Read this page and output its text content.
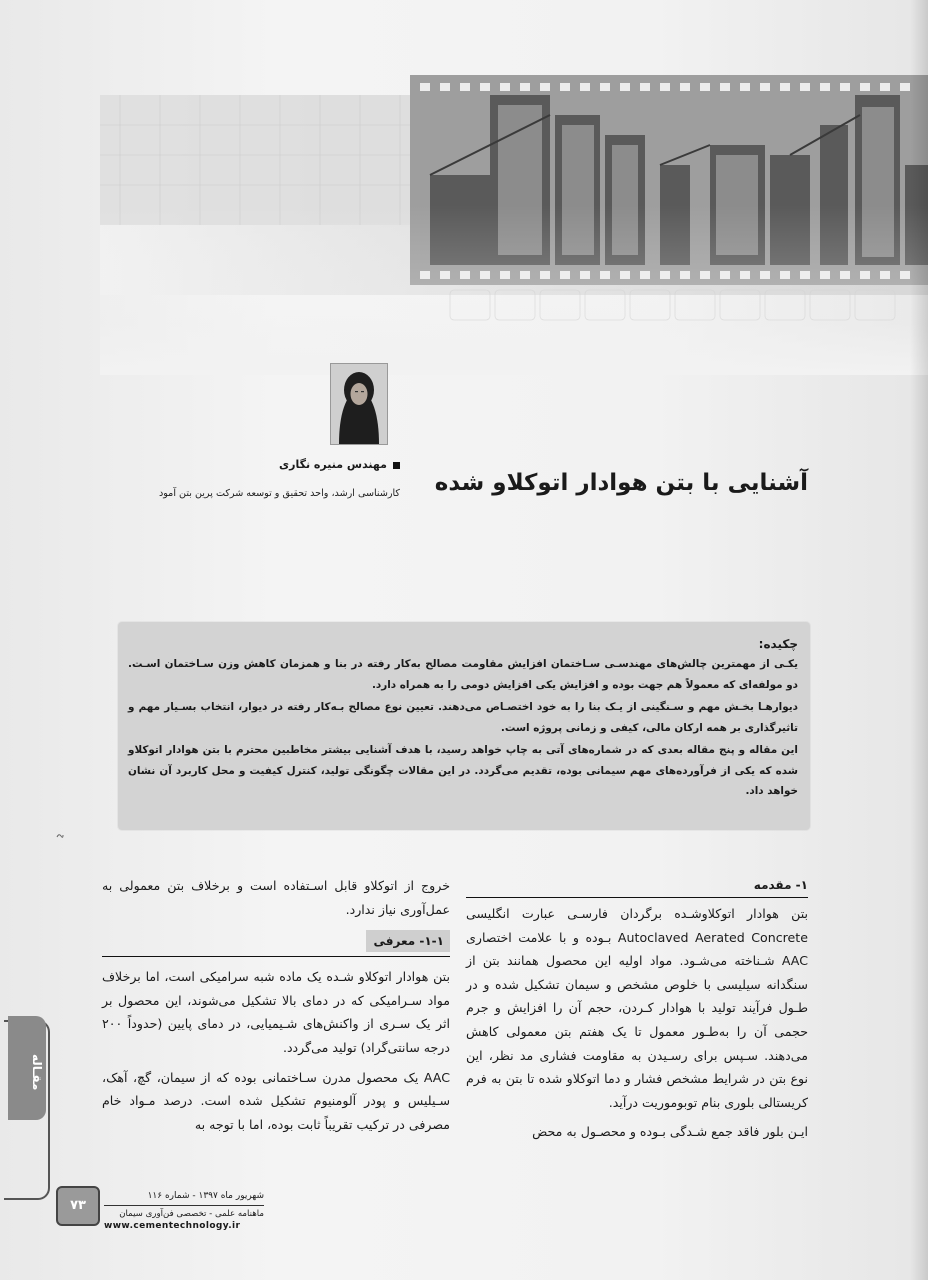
مهندس منیره نگاری
کارشناسی ارشد، واحد تحقیق و توسعه شرکت پرین بتن آمود آشنایی با بتن هوادار اتوکلاو شده
چکیده:

یکـی از مهمترین چالش‌های مهندسـی سـاختمان افزایش مقاومت مصالح به‌کار رفته در بنا و همزمان کاهش وزن سـاختمان اسـت. دو مولفه‌ای که معمولاً هم جهت بوده و افزایش یکی افزایش دومی را به همراه دارد.

دیوارهـا بخـش مهم و سـنگینی از یـک بنا را به خود اختصـاص می‌دهند. تعیین نوع مصالح بـه‌کار رفته در دیوار، انتخاب بسـیار مهم و تاثیرگذاری بر همه ارکان مالی، کیفی و زمانی پروژه است.

این مقاله و پنج مقاله بعدی که در شماره‌های آتی به چاپ خواهد رسید، با هدف آشنایی بیشتر مخاطبین محترم با بتن هوادار اتوکلاو شده که یکی از فرآورده‌های مهم سیمانی بوده، تقدیم می‌گردد. در این مقالات چگونگی تولید، کنترل کیفیت و محل کاربرد آن نشان خواهد داد.

۱- مقدمه

بتن هوادار اتوکلاوشـده برگردان فارسـی عبارت انگلیسی Autoclaved Aerated Concrete بـوده و با علامت اختصاری AAC شـناخته می‌شـود. مواد اولیه این محصول همانند بتن از سنگدانه سیلیسی با خلوص مشخص و سیمان تشکیل شده و در طـول فرآیند تولید با هوادار کـردن، حجم آن را افزایش و جرم حجمی آن را به‌طـور معمول تا یک هفتم بتن معمولی کاهش می‌دهند. سـپس برای رسـیدن به مقاومت فشاری مد نظر، این نوع بتن در شرایط مشخص فشار و دما اتوکلاو شده تا بتن به فرم کریستالی بلوری بنام توبوموریت درآید.

ایـن بلور فاقد جمع شـدگی بـوده و محصـول به محض

خروج از اتوکلاو قابل اسـتفاده است و برخلاف بتن معمولی به عمل‌آوری نیاز ندارد.

۱-۱- معرفی

بتن هوادار اتوکلاو شـده یک ماده شبه سرامیکی است، اما برخلاف مواد سـرامیکی که در دمای بالا تشکیل می‌شوند، این محصول بر اثر یک سـری از واکنش‌های شـیمیایی، در دمای پایین (حدوداً ۲۰۰ درجه سانتی‌گراد) تولید می‌گردد.

AAC یک محصول مدرن سـاختمانی بوده که از سیمان، گچ، آهک، سـیلیس و پودر آلومنیوم تشکیل شده است. درصد مـواد خام مصرفی در ترکیب تقریباً ثابت بوده، اما با توجه به

مقـاله
۷۳
شهریور ماه ۱۳۹۷ - شماره ۱۱۶
ماهنامه علمی - تخصصی فن‌آوری سیمان
www.cementechnology.ir
